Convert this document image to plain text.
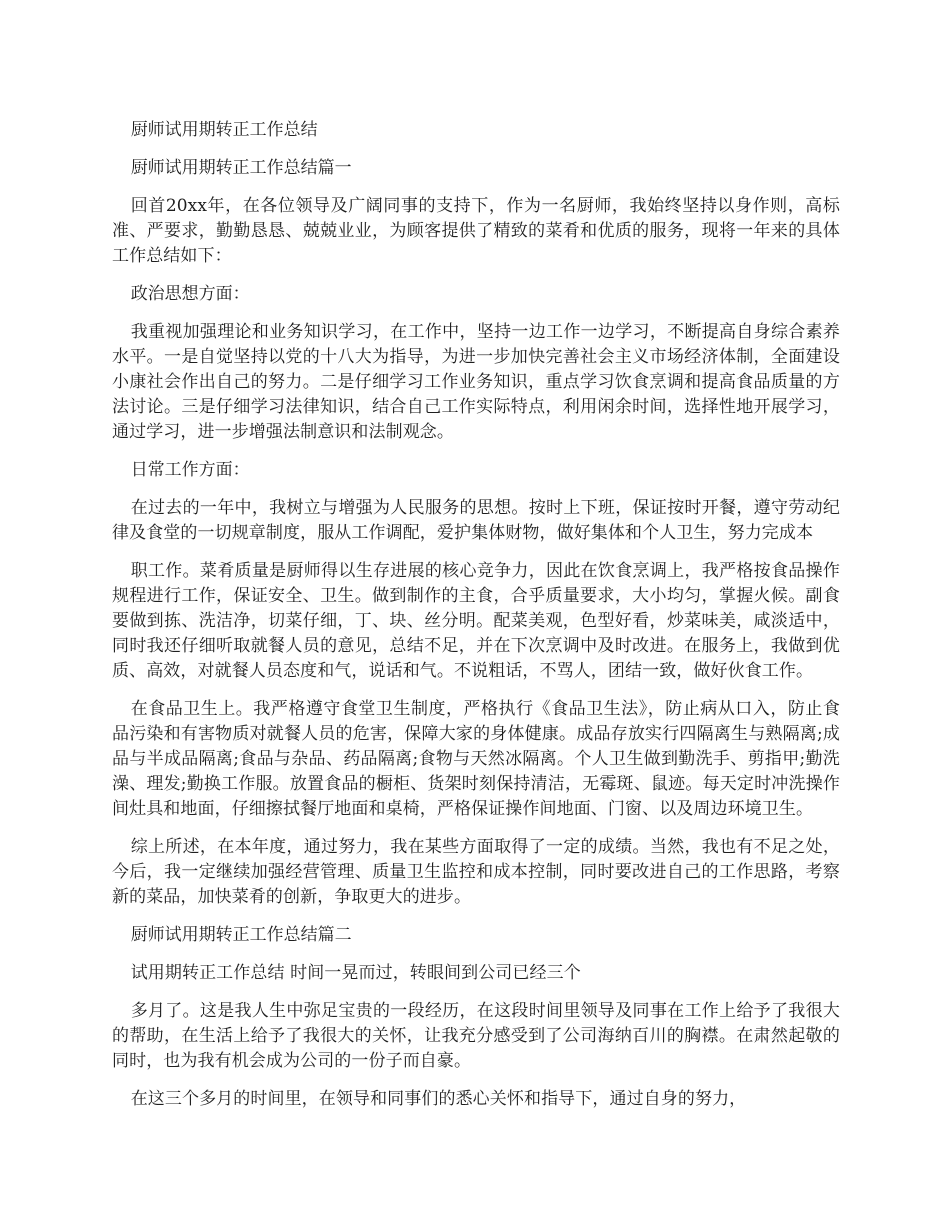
厨师试用期转正工作总结

厨师试用期转正工作总结篇一

回首20xx年，在各位领导及广阔同事的支持下，作为一名厨师，我始终坚持以身作则，高标准、严要求，勤勤恳恳、兢兢业业，为顾客提供了精致的菜肴和优质的服务，现将一年来的具体工作总结如下：

政治思想方面：

我重视加强理论和业务知识学习，在工作中，坚持一边工作一边学习，不断提高自身综合素养水平。一是自觉坚持以党的十八大为指导，为进一步加快完善社会主义市场经济体制，全面建设小康社会作出自己的努力。二是仔细学习工作业务知识，重点学习饮食烹调和提高食品质量的方法讨论。三是仔细学习法律知识，结合自己工作实际特点，利用闲余时间，选择性地开展学习，通过学习，进一步增强法制意识和法制观念。

日常工作方面：

在过去的一年中，我树立与增强为人民服务的思想。按时上下班，保证按时开餐，遵守劳动纪律及食堂的一切规章制度，服从工作调配，爱护集体财物，做好集体和个人卫生，努力完成本

职工作。菜肴质量是厨师得以生存进展的核心竞争力，因此在饮食烹调上，我严格按食品操作规程进行工作，保证安全、卫生。做到制作的主食，合乎质量要求，大小均匀，掌握火候。副食要做到拣、洗洁净，切菜仔细，丁、块、丝分明。配菜美观，色型好看，炒菜味美，咸淡适中，同时我还仔细听取就餐人员的意见，总结不足，并在下次烹调中及时改进。在服务上，我做到优质、高效，对就餐人员态度和气，说话和气。不说粗话，不骂人，团结一致，做好伙食工作。

在食品卫生上。我严格遵守食堂卫生制度，严格执行《食品卫生法》，防止病从口入，防止食品污染和有害物质对就餐人员的危害，保障大家的身体健康。成品存放实行四隔离生与熟隔离;成品与半成品隔离;食品与杂品、药品隔离;食物与天然冰隔离。个人卫生做到勤洗手、剪指甲;勤洗澡、理发;勤换工作服。放置食品的橱柜、货架时刻保持清洁，无霉斑、鼠迹。每天定时冲洗操作间灶具和地面，仔细擦拭餐厅地面和桌椅，严格保证操作间地面、门窗、以及周边环境卫生。

综上所述，在本年度，通过努力，我在某些方面取得了一定的成绩。当然，我也有不足之处，今后，我一定继续加强经营管理、质量卫生监控和成本控制，同时要改进自己的工作思路，考察新的菜品，加快菜肴的创新，争取更大的进步。

厨师试用期转正工作总结篇二

试用期转正工作总结 时间一晃而过，转眼间到公司已经三个

多月了。这是我人生中弥足宝贵的一段经历，在这段时间里领导及同事在工作上给予了我很大的帮助，在生活上给予了我很大的关怀，让我充分感受到了公司海纳百川的胸襟。在肃然起敬的同时，也为我有机会成为公司的一份子而自豪。

在这三个多月的时间里，在领导和同事们的悉心关怀和指导下，通过自身的努力，
